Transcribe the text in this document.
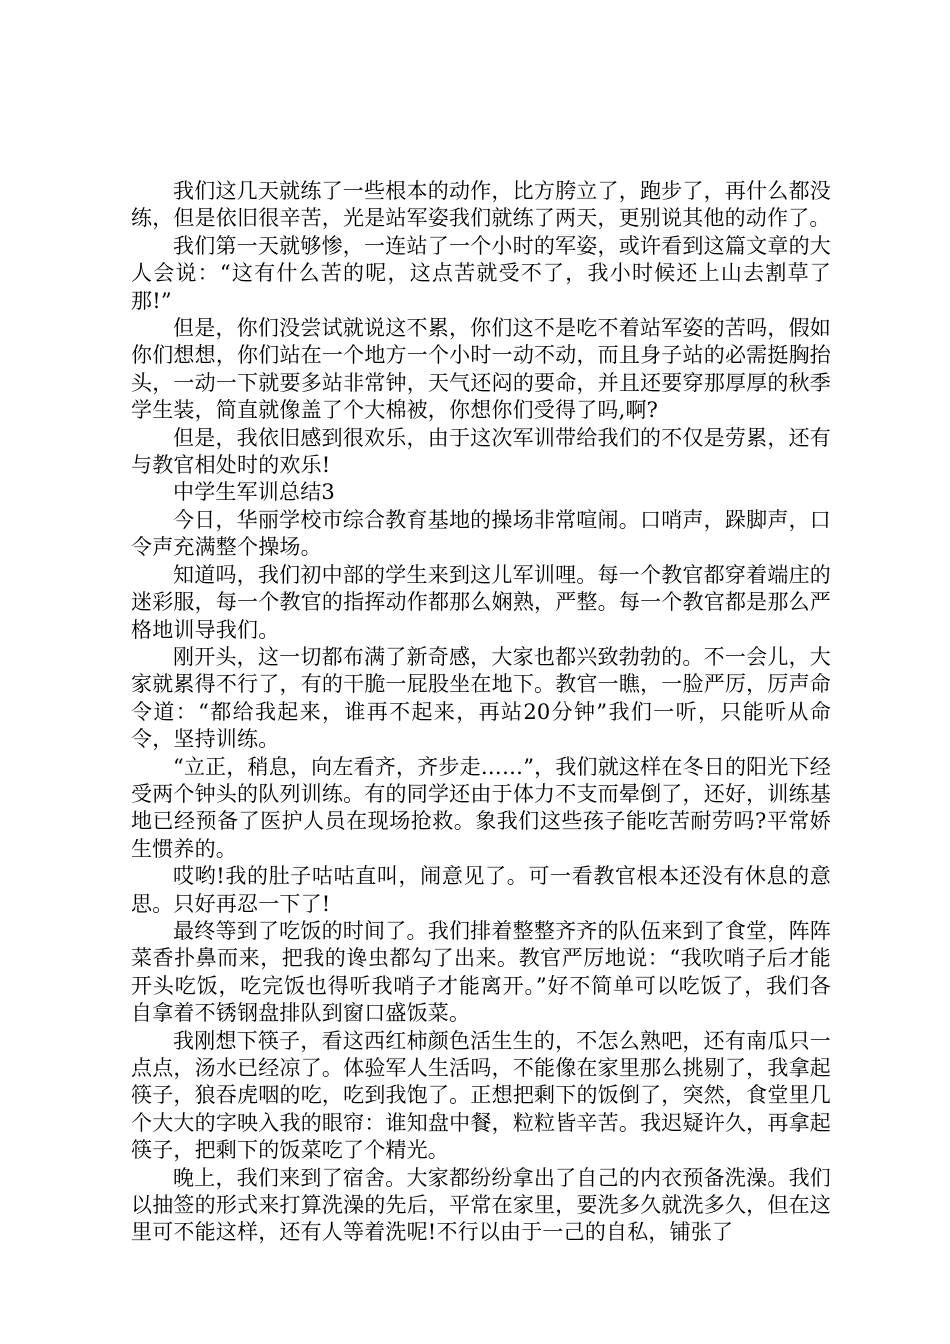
我们这几天就练了一些根本的动作，比方胯立了，跑步了，再什么都没练，但是依旧很辛苦，光是站军姿我们就练了两天，更别说其他的动作了。

我们第一天就够惨，一连站了一个小时的军姿，或许看到这篇文章的大人会说：“这有什么苦的呢，这点苦就受不了，我小时候还上山去割草了那!”

但是，你们没尝试就说这不累，你们这不是吃不着站军姿的苦吗，假如你们想想，你们站在一个地方一个小时一动不动，而且身子站的必需挺胸抬头，一动一下就要多站非常钟，天气还闷的要命，并且还要穿那厚厚的秋季学生装，简直就像盖了个大棉被，你想你们受得了吗,啊?

但是，我依旧感到很欢乐，由于这次军训带给我们的不仅是劳累，还有与教官相处时的欢乐!

中学生军训总结3

今日，华丽学校市综合教育基地的操场非常喧闹。口哨声，跺脚声，口令声充满整个操场。

知道吗，我们初中部的学生来到这儿军训哩。每一个教官都穿着端庄的迷彩服，每一个教官的指挥动作都那么娴熟，严整。每一个教官都是那么严格地训导我们。

刚开头，这一切都布满了新奇感，大家也都兴致勃勃的。不一会儿，大家就累得不行了，有的干脆一屁股坐在地下。教官一瞧，一脸严厉，厉声命令道：“都给我起来，谁再不起来，再站20分钟”我们一听，只能听从命令，坚持训练。

“立正，稍息，向左看齐，齐步走……”，我们就这样在冬日的阳光下经受两个钟头的队列训练。有的同学还由于体力不支而晕倒了，还好，训练基地已经预备了医护人员在现场抢救。象我们这些孩子能吃苦耐劳吗?平常娇生惯养的。

哎哟!我的肚子咕咕直叫，闹意见了。可一看教官根本还没有休息的意思。只好再忍一下了!

最终等到了吃饭的时间了。我们排着整整齐齐的队伍来到了食堂，阵阵菜香扑鼻而来，把我的谗虫都勾了出来。教官严厉地说：“我吹哨子后才能开头吃饭，吃完饭也得听我哨子才能离开。”好不简单可以吃饭了，我们各自拿着不锈钢盘排队到窗口盛饭菜。

我刚想下筷子，看这西红柿颜色活生生的，不怎么熟吧，还有南瓜只一点点，汤水已经凉了。体验军人生活吗，不能像在家里那么挑剔了，我拿起筷子，狼吞虎咽的吃，吃到我饱了。正想把剩下的饭倒了，突然，食堂里几个大大的字映入我的眼帘：谁知盘中餐，粒粒皆辛苦。我迟疑许久，再拿起筷子，把剩下的饭菜吃了个精光。

晚上，我们来到了宿舍。大家都纷纷拿出了自己的内衣预备洗澡。我们以抽签的形式来打算洗澡的先后，平常在家里，要洗多久就洗多久，但在这里可不能这样，还有人等着洗呢!不行以由于一己的自私，铺张了
